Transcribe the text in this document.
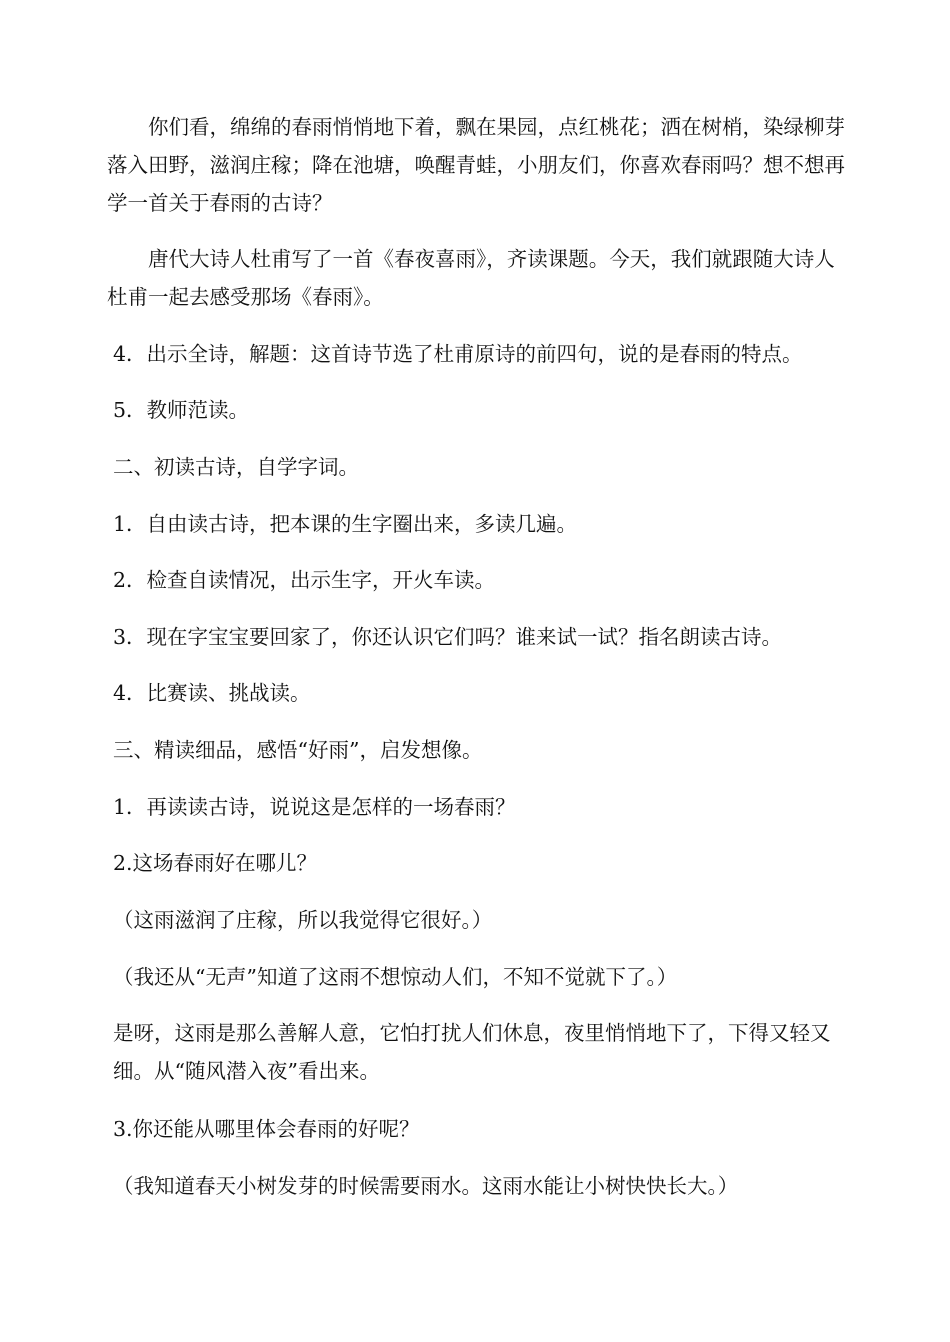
你们看，绵绵的春雨悄悄地下着，飘在果园，点红桃花；洒在树梢，染绿柳芽
落入田野，滋润庄稼；降在池塘，唤醒青蛙，小朋友们，你喜欢春雨吗？想不想再
学一首关于春雨的古诗？
唐代大诗人杜甫写了一首《春夜喜雨》，齐读课题。今天，我们就跟随大诗人
杜甫一起去感受那场《春雨》。
4．出示全诗，解题：这首诗节选了杜甫原诗的前四句，说的是春雨的特点。
5．教师范读。
二、初读古诗，自学字词。
1．自由读古诗，把本课的生字圈出来，多读几遍。
2．检查自读情况，出示生字，开火车读。
3．现在字宝宝要回家了，你还认识它们吗？谁来试一试？指名朗读古诗。
4．比赛读、挑战读。
三、精读细品，感悟“好雨”，启发想像。
1．再读读古诗，说说这是怎样的一场春雨？
2.这场春雨好在哪儿？
（这雨滋润了庄稼，所以我觉得它很好。）
（我还从“无声”知道了这雨不想惊动人们，不知不觉就下了。）
是呀，这雨是那么善解人意，它怕打扰人们休息，夜里悄悄地下了，下得又轻又
细。从“随风潜入夜”看出来。
3.你还能从哪里体会春雨的好呢？
（我知道春天小树发芽的时候需要雨水。这雨水能让小树快快长大。）
